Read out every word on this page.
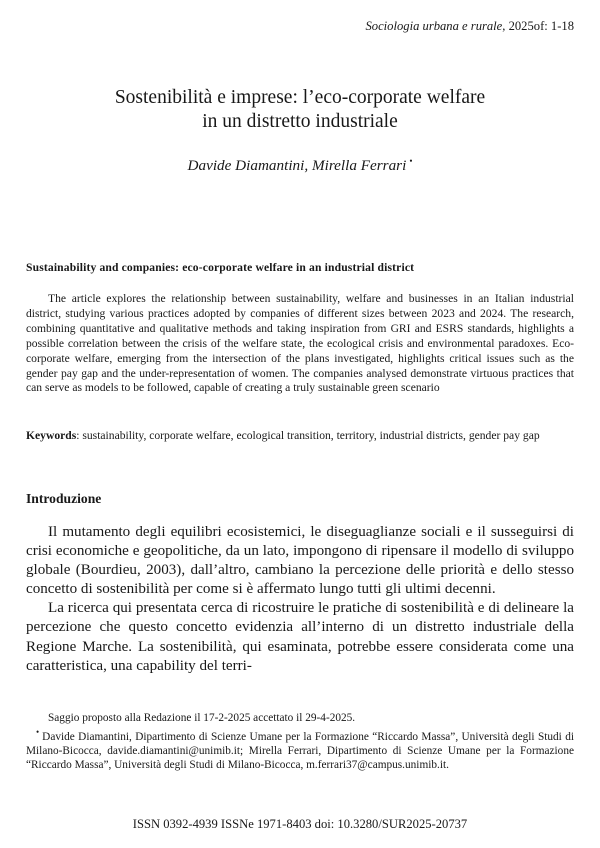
Sociologia urbana e rurale, 2025of: 1-18
Sostenibilità e imprese: l’eco-corporate welfare
in un distretto industriale
Davide Diamantini, Mirella Ferrari •
Sustainability and companies: eco-corporate welfare in an industrial district
The article explores the relationship between sustainability, welfare and businesses in an Italian industrial district, studying various practices adopted by companies of different sizes between 2023 and 2024. The research, combining quantitative and qualitative methods and taking inspiration from GRI and ESRS standards, highlights a possible correlation between the crisis of the welfare state, the ecological crisis and environmental paradoxes. Eco-corporate welfare, emerging from the intersection of the plans investigated, highlights critical issues such as the gender pay gap and the under-representation of women. The companies analysed demonstrate virtuous practices that can serve as models to be followed, capable of creating a truly sustainable green scenario
Keywords: sustainability, corporate welfare, ecological transition, territory, industrial districts, gender pay gap
Introduzione

Il mutamento degli equilibri ecosistemici, le diseguaglianze sociali e il susseguirsi di crisi economiche e geopolitiche, da un lato, impongono di ripensare il modello di sviluppo globale (Bourdieu, 2003), dall’altro, cambiano la percezione delle priorità e dello stesso concetto di sostenibilità per come si è affermato lungo tutti gli ultimi decenni.

La ricerca qui presentata cerca di ricostruire le pratiche di sostenibilità e di delineare la percezione che questo concetto evidenzia all’interno di un distretto industriale della Regione Marche. La sostenibilità, qui esaminata, potrebbe essere considerata come una caratteristica, una capability del terri-

Saggio proposto alla Redazione il 17-2-2025 accettato il 29-4-2025.

• Davide Diamantini, Dipartimento di Scienze Umane per la Formazione “Riccardo Massa”, Università degli Studi di Milano-Bicocca, davide.diamantini@unimib.it; Mirella Ferrari, Dipartimento di Scienze Umane per la Formazione “Riccardo Massa”, Università degli Studi di Milano-Bicocca, m.ferrari37@campus.unimib.it.

ISSN 0392-4939 ISSNe 1971-8403 doi: 10.3280/SUR2025-20737
